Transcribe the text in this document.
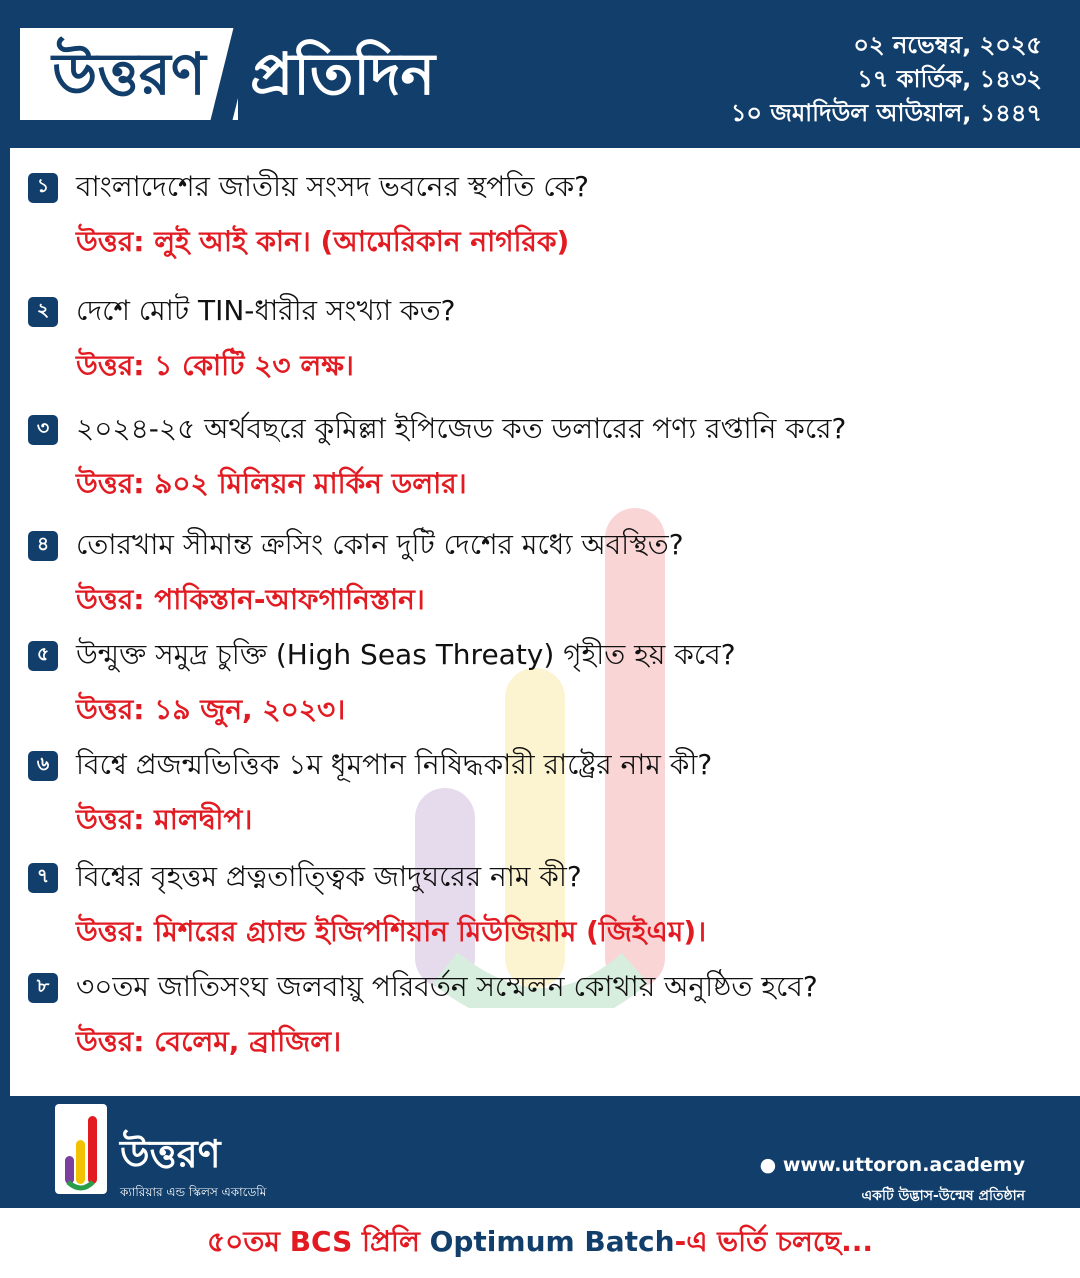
উত্তরণ প্রতিদিন	০২ নভেম্বর, ২০২৫
১৭ কার্তিক, ১৪৩২
১০ জমাদিউল আউয়াল, ১৪৪৭
১ বাংলাদেশের জাতীয় সংসদ ভবনের স্থপতি কে?
উত্তর: লুই আই কান। (আমেরিকান নাগরিক)
২ দেশে মোট TIN-ধারীর সংখ্যা কত?
উত্তর: ১ কোটি ২৩ লক্ষ।
৩ ২০২৪-২৫ অর্থবছরে কুমিল্লা ইপিজেড কত ডলারের পণ্য রপ্তানি করে?
উত্তর: ৯০২ মিলিয়ন মার্কিন ডলার।
৪ তোরখাম সীমান্ত ক্রসিং কোন দুটি দেশের মধ্যে অবস্থিত?
উত্তর: পাকিস্তান-আফগানিস্তান।
৫ উন্মুক্ত সমুদ্র চুক্তি (High Seas Threaty) গৃহীত হয় কবে?
উত্তর: ১৯ জুন, ২০২৩।
৬ বিশ্বে প্রজন্মভিত্তিক ১ম ধূমপান নিষিদ্ধকারী রাষ্ট্রের নাম কী?
উত্তর: মালদ্বীপ।
৭ বিশ্বের বৃহত্তম প্রত্নতাত্ত্বিক জাদুঘরের নাম কী?
উত্তর: মিশরের গ্র্যান্ড ইজিপশিয়ান মিউজিয়াম (জিইএম)।
৮ ৩০তম জাতিসংঘ জলবায়ু পরিবর্তন সম্মেলন কোথায় অনুষ্ঠিত হবে?
উত্তর: বেলেম, ব্রাজিল।
উত্তরণ
ক্যারিয়ার এন্ড স্কিলস একাডেমি
● www.uttoron.academy
একটি উদ্ভাস-উন্মেষ প্রতিষ্ঠান
৫০তম BCS প্রিলি Optimum Batch-এ ভর্তি চলছে...
